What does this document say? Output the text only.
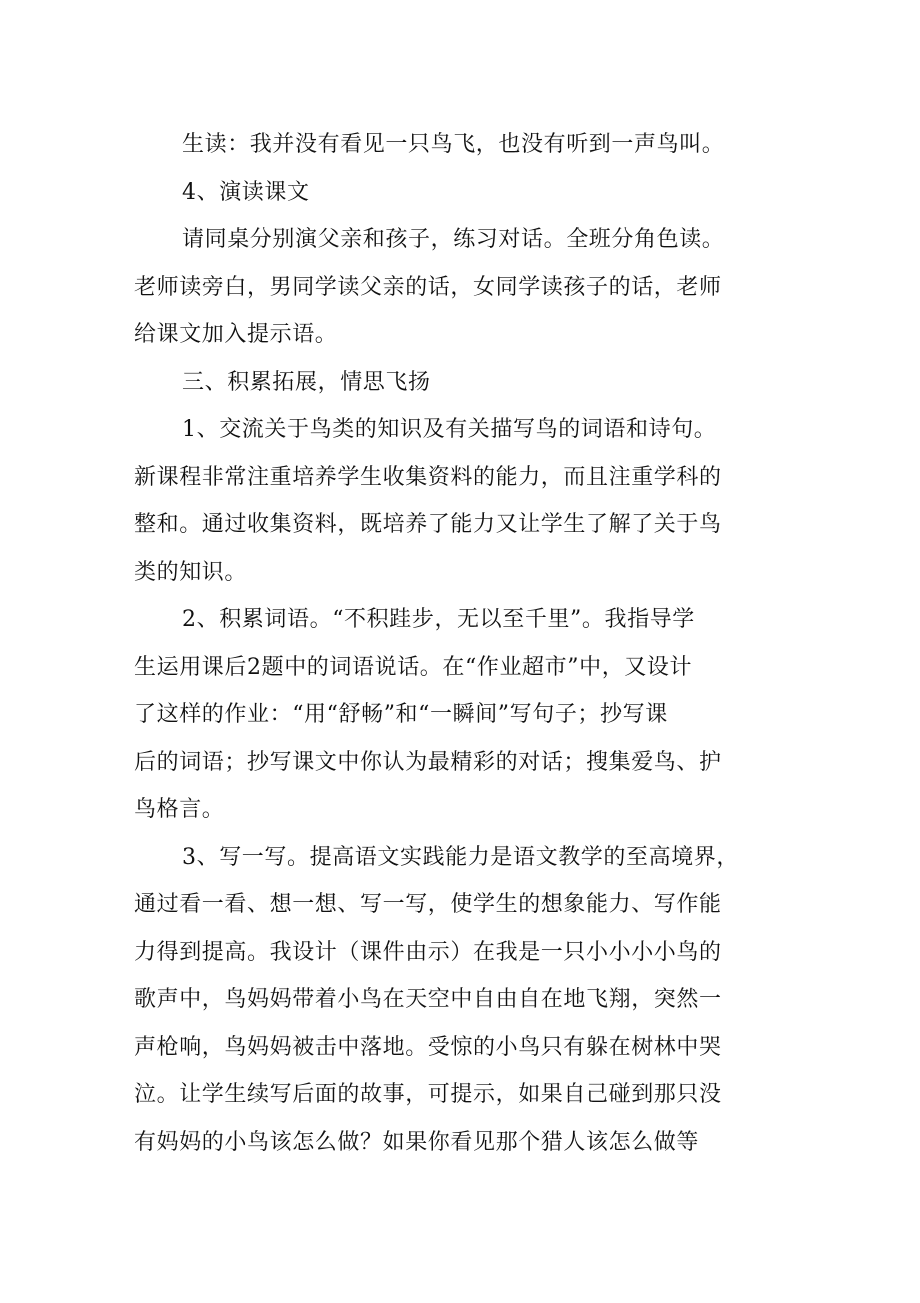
生读：我并没有看见一只鸟飞，也没有听到一声鸟叫。
4、演读课文
请同桌分别演父亲和孩子，练习对话。全班分角色读。
老师读旁白，男同学读父亲的话，女同学读孩子的话，老师
给课文加入提示语。
三、积累拓展，情思飞扬
1、交流关于鸟类的知识及有关描写鸟的词语和诗句。
新课程非常注重培养学生收集资料的能力，而且注重学科的
整和。通过收集资料，既培养了能力又让学生了解了关于鸟
类的知识。
2、积累词语。“不积跬步，无以至千里”。我指导学
生运用课后2题中的词语说话。在“作业超市”中，又设计
了这样的作业：“用“舒畅”和“一瞬间”写句子；抄写课
后的词语；抄写课文中你认为最精彩的对话；搜集爱鸟、护
鸟格言。
3、写一写。提高语文实践能力是语文教学的至高境界，
通过看一看、想一想、写一写，使学生的想象能力、写作能
力得到提高。我设计（课件由示）在我是一只小小小小鸟的
歌声中，鸟妈妈带着小鸟在天空中自由自在地飞翔，突然一
声枪响，鸟妈妈被击中落地。受惊的小鸟只有躲在树林中哭
泣。让学生续写后面的故事，可提示，如果自己碰到那只没
有妈妈的小鸟该怎么做？如果你看见那个猎人该怎么做等
